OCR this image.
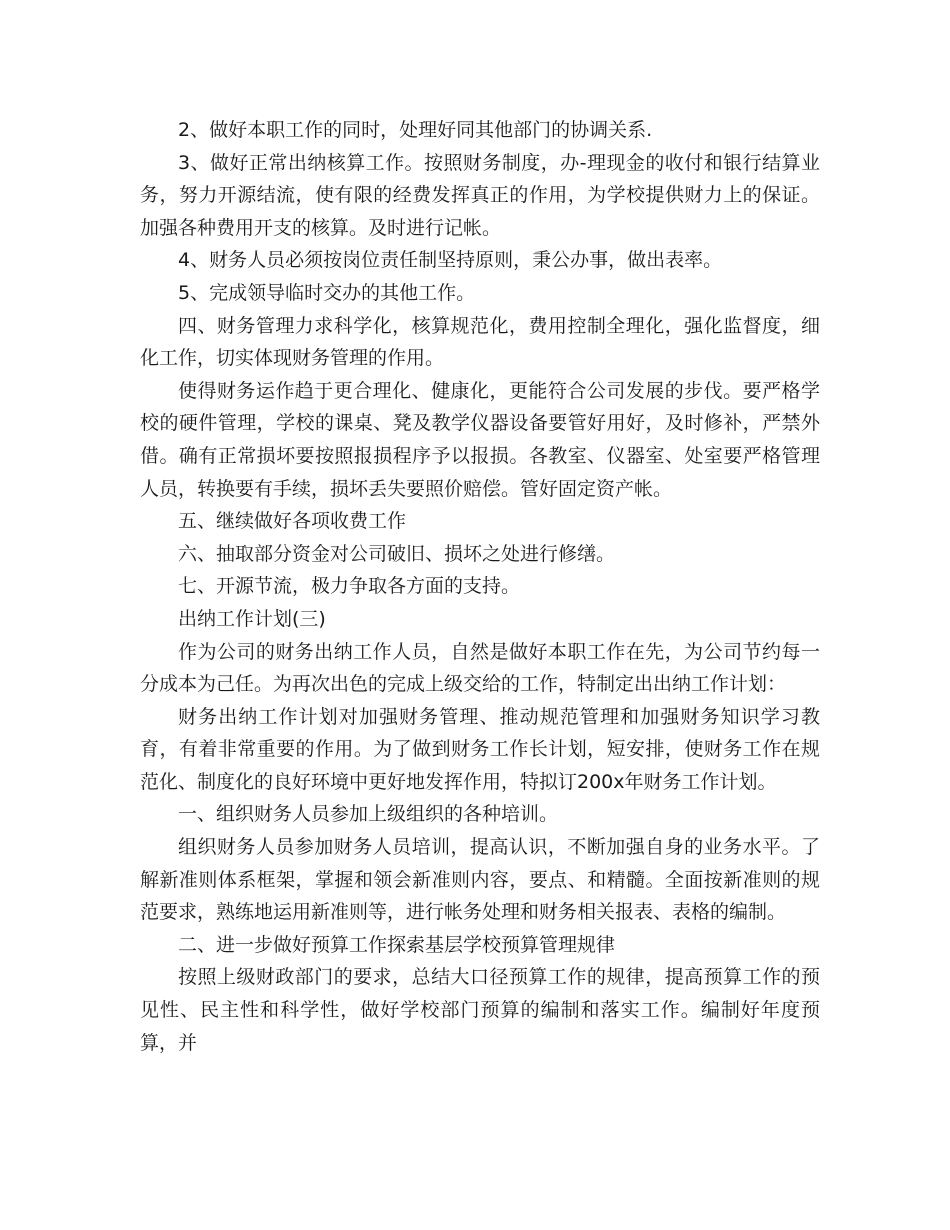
2、做好本职工作的同时，处理好同其他部门的协调关系.

3、做好正常出纳核算工作。按照财务制度，办-理现金的收付和银行结算业务，努力开源结流，使有限的经费发挥真正的作用，为学校提供财力上的保证。加强各种费用开支的核算。及时进行记帐。

4、财务人员必须按岗位责任制坚持原则，秉公办事，做出表率。

5、完成领导临时交办的其他工作。

四、财务管理力求科学化，核算规范化，费用控制全理化，强化监督度，细化工作，切实体现财务管理的作用。

使得财务运作趋于更合理化、健康化，更能符合公司发展的步伐。要严格学校的硬件管理，学校的课桌、凳及教学仪器设备要管好用好，及时修补，严禁外借。确有正常损坏要按照报损程序予以报损。各教室、仪器室、处室要严格管理人员，转换要有手续，损坏丢失要照价赔偿。管好固定资产帐。

五、继续做好各项收费工作

六、抽取部分资金对公司破旧、损坏之处进行修缮。

七、开源节流，极力争取各方面的支持。

出纳工作计划(三)

作为公司的财务出纳工作人员，自然是做好本职工作在先，为公司节约每一分成本为己任。为再次出色的完成上级交给的工作，特制定出出纳工作计划：

财务出纳工作计划对加强财务管理、推动规范管理和加强财务知识学习教育，有着非常重要的作用。为了做到财务工作长计划，短安排，使财务工作在规范化、制度化的良好环境中更好地发挥作用，特拟订200x年财务工作计划。

一、组织财务人员参加上级组织的各种培训。

组织财务人员参加财务人员培训，提高认识，不断加强自身的业务水平。了解新准则体系框架，掌握和领会新准则内容，要点、和精髓。全面按新准则的规范要求，熟练地运用新准则等，进行帐务处理和财务相关报表、表格的编制。

二、进一步做好预算工作探索基层学校预算管理规律

按照上级财政部门的要求，总结大口径预算工作的规律，提高预算工作的预见性、民主性和科学性，做好学校部门预算的编制和落实工作。编制好年度预算，并
